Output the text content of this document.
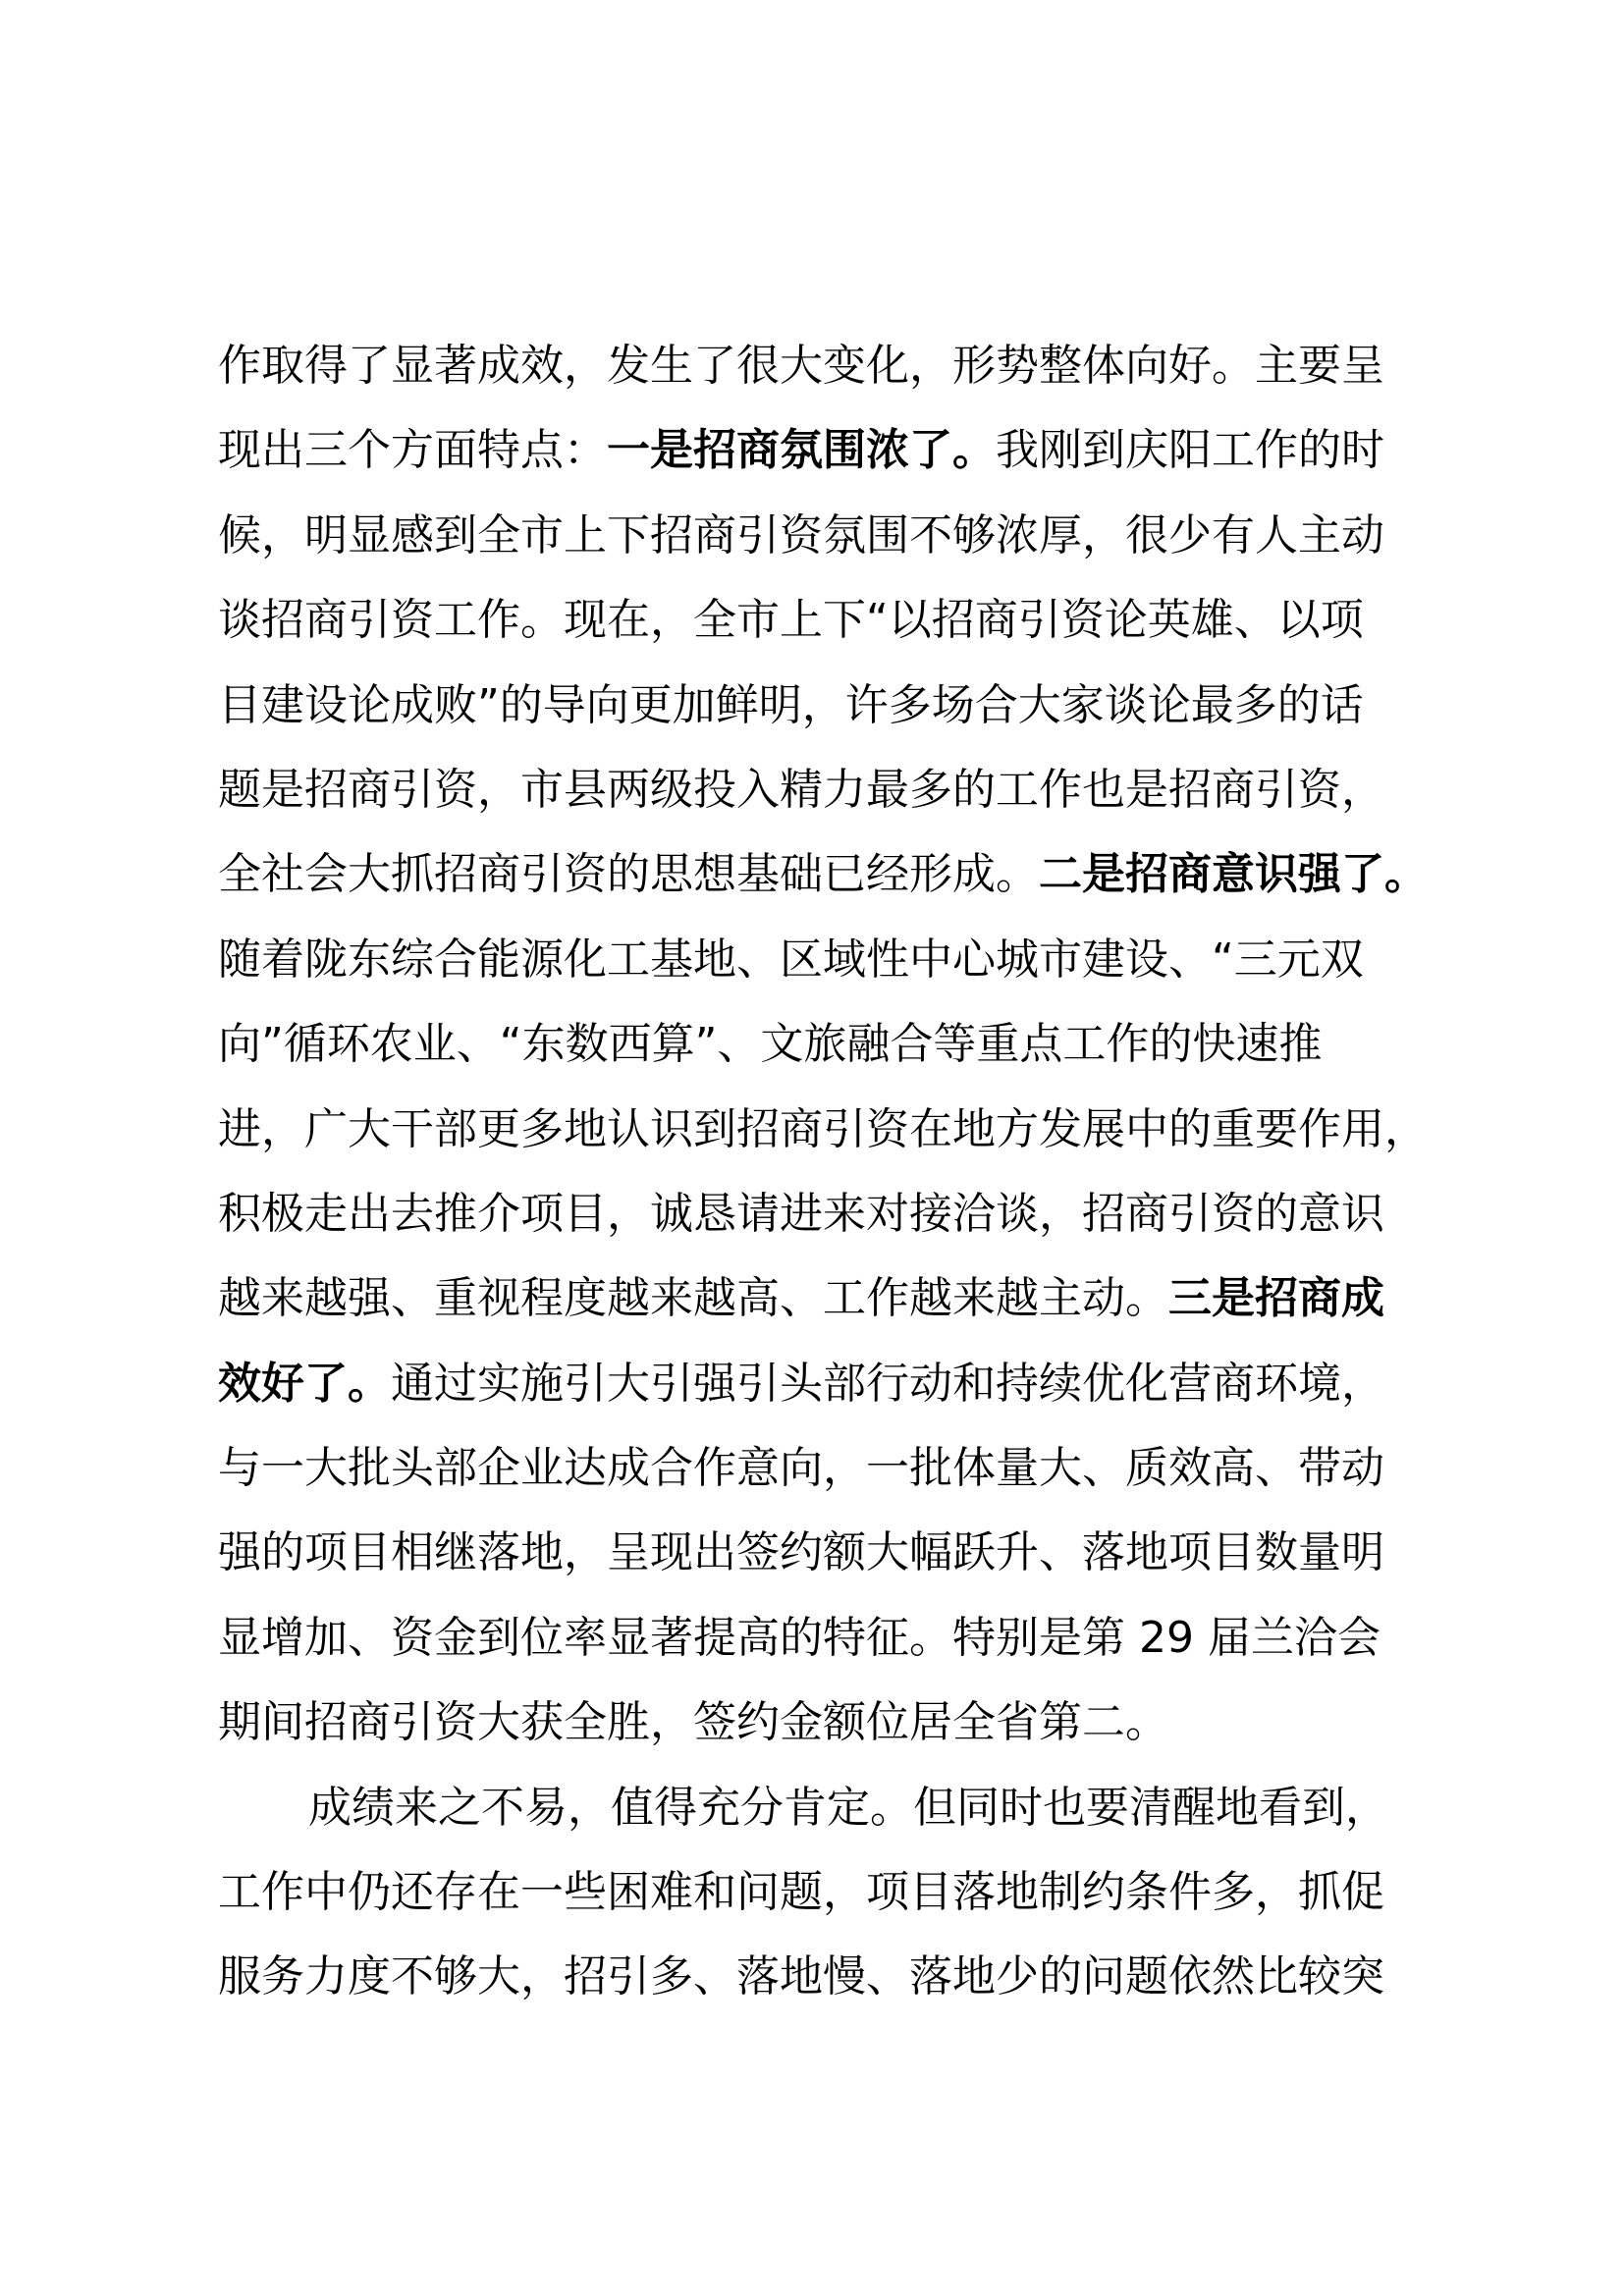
作取得了显著成效，发生了很大变化，形势整体向好。主要呈
现出三个方面特点：一是招商氛围浓了。我刚到庆阳工作的时
候，明显感到全市上下招商引资氛围不够浓厚，很少有人主动
谈招商引资工作。现在，全市上下“以招商引资论英雄、以项
目建设论成败”的导向更加鲜明，许多场合大家谈论最多的话
题是招商引资，市县两级投入精力最多的工作也是招商引资，
全社会大抓招商引资的思想基础已经形成。二是招商意识强了。
随着陇东综合能源化工基地、区域性中心城市建设、“三元双
向”循环农业、“东数西算”、文旅融合等重点工作的快速推
进，广大干部更多地认识到招商引资在地方发展中的重要作用，
积极走出去推介项目，诚恳请进来对接洽谈，招商引资的意识
越来越强、重视程度越来越高、工作越来越主动。三是招商成
效好了。通过实施引大引强引头部行动和持续优化营商环境，
与一大批头部企业达成合作意向，一批体量大、质效高、带动
强的项目相继落地，呈现出签约额大幅跃升、落地项目数量明
显增加、资金到位率显著提高的特征。特别是第 29 届兰洽会
期间招商引资大获全胜，签约金额位居全省第二。
成绩来之不易，值得充分肯定。但同时也要清醒地看到，
工作中仍还存在一些困难和问题，项目落地制约条件多，抓促
服务力度不够大，招引多、落地慢、落地少的问题依然比较突
